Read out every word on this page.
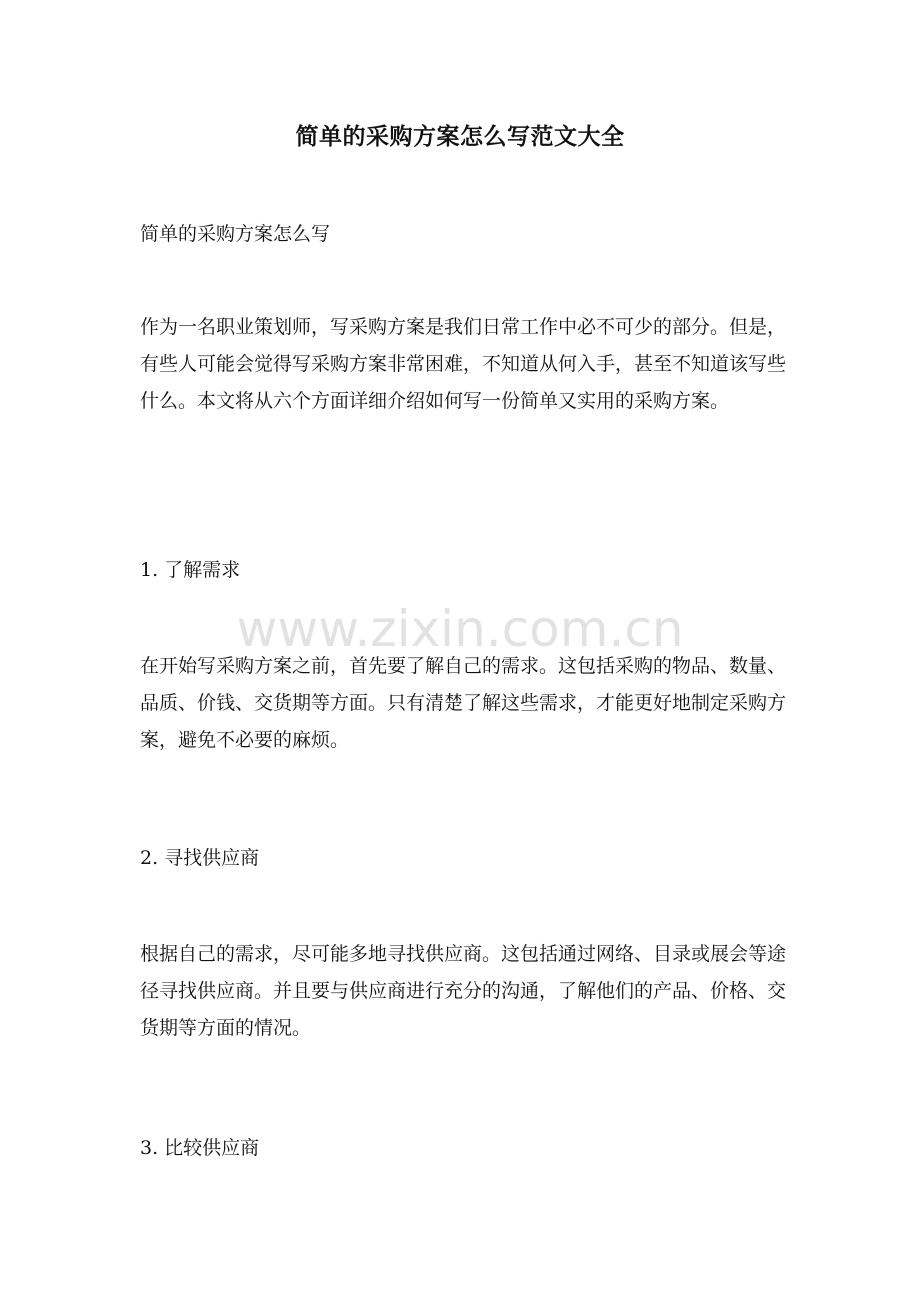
简单的采购方案怎么写范文大全
简单的采购方案怎么写
作为一名职业策划师，写采购方案是我们日常工作中必不可少的部分。但是，有些人可能会觉得写采购方案非常困难，不知道从何入手，甚至不知道该写些什么。本文将从六个方面详细介绍如何写一份简单又实用的采购方案。
1. 了解需求
在开始写采购方案之前，首先要了解自己的需求。这包括采购的物品、数量、品质、价钱、交货期等方面。只有清楚了解这些需求，才能更好地制定采购方案，避免不必要的麻烦。
2. 寻找供应商
根据自己的需求，尽可能多地寻找供应商。这包括通过网络、目录或展会等途径寻找供应商。并且要与供应商进行充分的沟通，了解他们的产品、价格、交货期等方面的情况。
3. 比较供应商
www.zixin.com.cn
